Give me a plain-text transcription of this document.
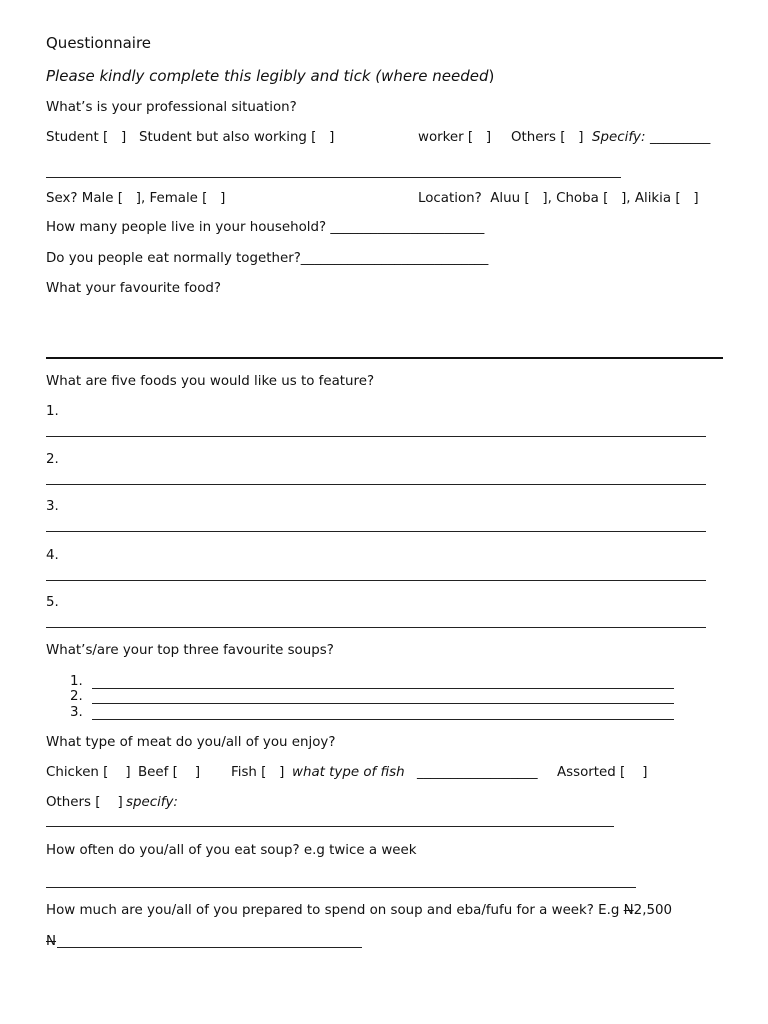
Questionnaire
Please kindly complete this legibly and tick (where needed)
What’s is your professional situation?
Student [   ] Student but also working [   ]	worker [   ] Others [   ] Specify: _________
Sex? Male [   ], Female [   ]	Location?  Aluu [   ], Choba [   ], Alikia [   ]
How many people live in your household? _______________________
Do you people eat normally together?____________________________
What your favourite food?
What are five foods you would like us to feature?
1.
2.
3.
4.
5.
What’s/are your top three favourite soups?
1.
2.
3.
What type of meat do you/all of you enjoy?
Chicken [    ] Beef [    ] Fish [   ] what type of fish __________________ Assorted [    ]
Others [    ] specify:
How often do you/all of you eat soup? e.g twice a week
How much are you/all of you prepared to spend on soup and eba/fufu for a week? E.g N2,500
N
